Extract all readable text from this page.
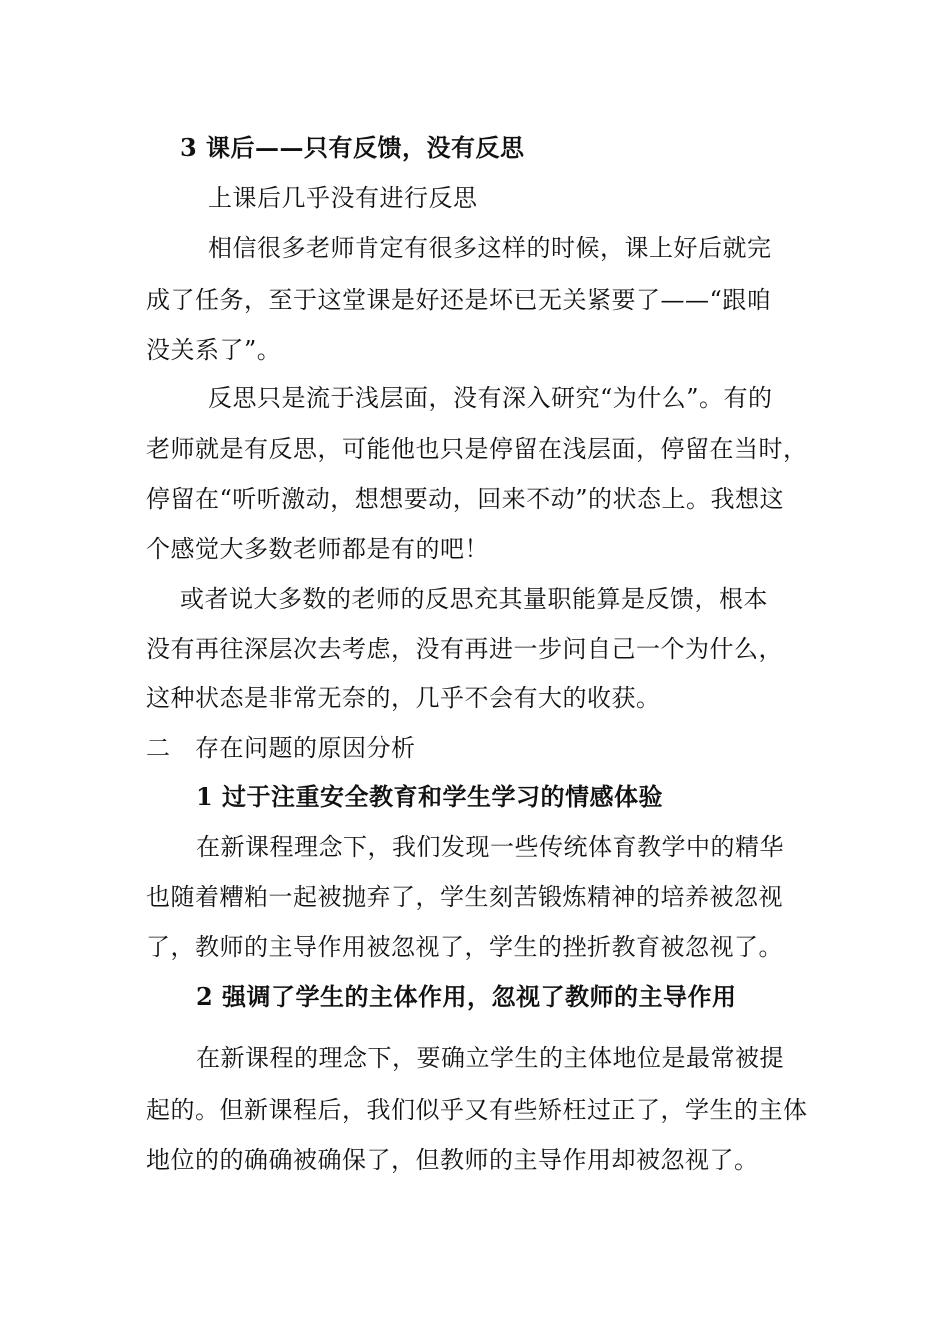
3 课后——只有反馈，没有反思
上课后几乎没有进行反思
相信很多老师肯定有很多这样的时候，课上好后就完
成了任务，至于这堂课是好还是坏已无关紧要了——“跟咱
没关系了”。
反思只是流于浅层面，没有深入研究“为什么”。有的
老师就是有反思，可能他也只是停留在浅层面，停留在当时，
停留在“听听激动，想想要动，回来不动”的状态上。我想这
个感觉大多数老师都是有的吧！
或者说大多数的老师的反思充其量职能算是反馈，根本
没有再往深层次去考虑，没有再进一步问自己一个为什么，
这种状态是非常无奈的，几乎不会有大的收获。
二　存在问题的原因分析
1 过于注重安全教育和学生学习的情感体验
在新课程理念下，我们发现一些传统体育教学中的精华
也随着糟粕一起被抛弃了，学生刻苦锻炼精神的培养被忽视
了，教师的主导作用被忽视了，学生的挫折教育被忽视了。
2 强调了学生的主体作用，忽视了教师的主导作用
在新课程的理念下，要确立学生的主体地位是最常被提
起的。但新课程后，我们似乎又有些矫枉过正了，学生的主体
地位的的确确被确保了，但教师的主导作用却被忽视了。
